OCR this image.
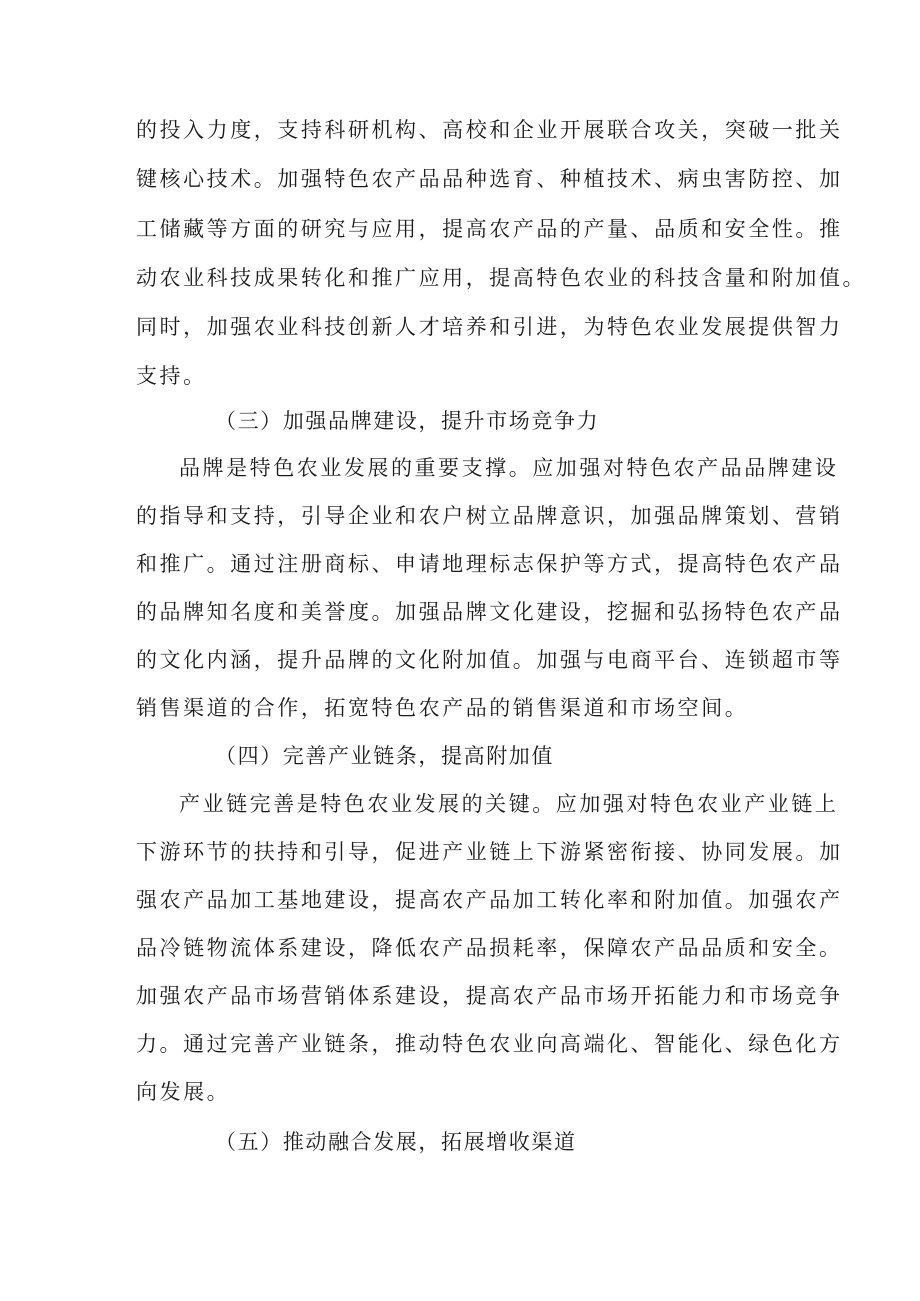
的投入力度，支持科研机构、高校和企业开展联合攻关，突破一批关
键核心技术。加强特色农产品品种选育、种植技术、病虫害防控、加
工储藏等方面的研究与应用，提高农产品的产量、品质和安全性。推
动农业科技成果转化和推广应用，提高特色农业的科技含量和附加值。
同时，加强农业科技创新人才培养和引进，为特色农业发展提供智力
支持。
（三）加强品牌建设，提升市场竞争力
品牌是特色农业发展的重要支撑。应加强对特色农产品品牌建设
的指导和支持，引导企业和农户树立品牌意识，加强品牌策划、营销
和推广。通过注册商标、申请地理标志保护等方式，提高特色农产品
的品牌知名度和美誉度。加强品牌文化建设，挖掘和弘扬特色农产品
的文化内涵，提升品牌的文化附加值。加强与电商平台、连锁超市等
销售渠道的合作，拓宽特色农产品的销售渠道和市场空间。
（四）完善产业链条，提高附加值
产业链完善是特色农业发展的关键。应加强对特色农业产业链上
下游环节的扶持和引导，促进产业链上下游紧密衔接、协同发展。加
强农产品加工基地建设，提高农产品加工转化率和附加值。加强农产
品冷链物流体系建设，降低农产品损耗率，保障农产品品质和安全。
加强农产品市场营销体系建设，提高农产品市场开拓能力和市场竞争
力。通过完善产业链条，推动特色农业向高端化、智能化、绿色化方
向发展。
（五）推动融合发展，拓展增收渠道
